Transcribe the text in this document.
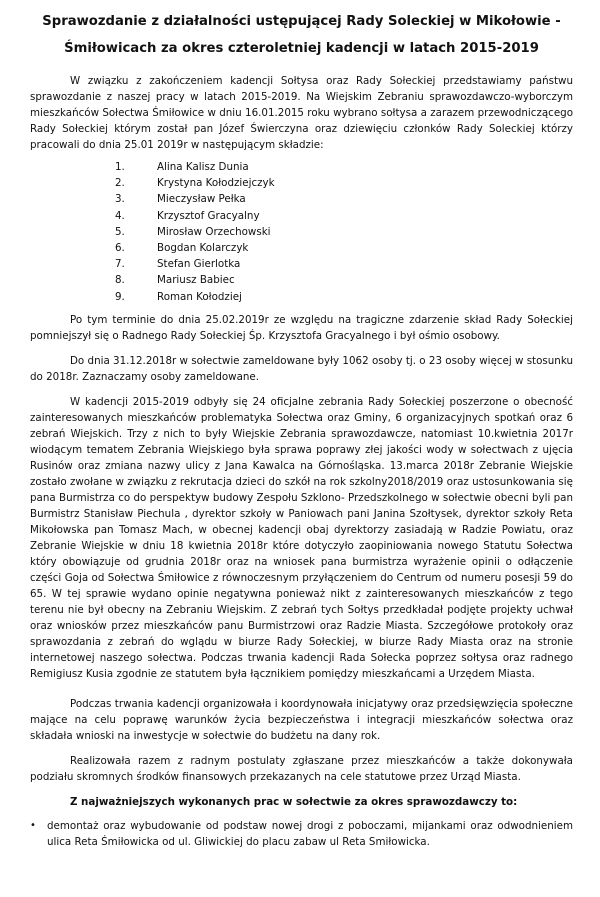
Sprawozdanie z działalności ustępującej Rady Soleckiej w Mikołowie -
Śmiłowicach za okres czteroletniej kadencji w latach 2015-2019

W związku z zakończeniem kadencji Sołtysa oraz Rady Sołeckiej przedstawiamy państwu sprawozdanie z naszej pracy w latach 2015-2019. Na Wiejskim Zebraniu sprawozdawczo-wyborczym mieszkańców Sołectwa Śmiłowice w dniu 16.01.2015 roku wybrano sołtysa a zarazem przewodniczącego Rady Sołeckiej którym został pan Józef Świerczyna oraz dziewięciu członków Rady Soleckiej którzy pracowali do dnia 25.01 2019r w następującym składzie:

1.	Alina Kalisz Dunia
2.	Krystyna Kołodziejczyk
3.	Mieczysław Pełka
4.	Krzysztof Gracyalny
5.	Mirosław Orzechowski
6.	Bogdan Kolarczyk
7.	Stefan Gierlotka
8.	Mariusz Babiec
9.	Roman Kołodziej

Po tym terminie do dnia 25.02.2019r ze względu na tragiczne zdarzenie skład Rady Sołeckiej pomniejszył się o Radnego Rady Sołeckiej Śp. Krzysztofa Gracyalnego i był ośmio osobowy.

Do dnia 31.12.2018r w sołectwie zameldowane były 1062 osoby tj. o 23 osoby więcej w stosunku do 2018r. Zaznaczamy osoby zameldowane.

W kadencji 2015-2019 odbyły się 24 oficjalne zebrania Rady Sołeckiej poszerzone o obecność zainteresowanych mieszkańców problematyka Sołectwa oraz Gminy, 6 organizacyjnych spotkań oraz 6 zebrań Wiejskich. Trzy z nich to były Wiejskie Zebrania sprawozdawcze, natomiast 10.kwietnia 2017r wiodącym tematem Zebrania Wiejskiego była sprawa poprawy złej jakości wody w sołectwach z ujęcia Rusinów oraz zmiana nazwy ulicy z Jana Kawalca na Górnośląska. 13.marca 2018r Zebranie Wiejskie zostało zwołane w związku z rekrutacja dzieci do szkół na rok szkolny2018/2019 oraz ustosunkowania się pana Burmistrza co do perspektyw budowy Zespołu Szklono- Przedszkolnego w sołectwie obecni byli pan Burmistrz Stanisław Piechula , dyrektor szkoły w Paniowach pani Janina Szołtysek, dyrektor szkoły Reta Mikołowska pan Tomasz Mach, w obecnej kadencji obaj dyrektorzy zasiadają w Radzie Powiatu, oraz Zebranie Wiejskie w dniu 18 kwietnia 2018r które dotyczyło zaopiniowania nowego Statutu Sołectwa który obowiązuje od grudnia 2018r oraz na wniosek pana burmistrza wyrażenie opinii o odłączenie części Goja od Sołectwa Śmiłowice z równoczesnym przyłączeniem do Centrum od numeru posesji 59 do 65. W tej sprawie wydano opinie negatywna ponieważ nikt z zainteresowanych mieszkańców z tego terenu nie był obecny na Zebraniu Wiejskim. Z zebrań tych Sołtys przedkładał podjęte projekty uchwał oraz wniosków przez mieszkańców panu Burmistrzowi oraz Radzie Miasta. Szczegółowe protokoły oraz sprawozdania z zebrań do wglądu w biurze Rady Sołeckiej, w biurze Rady Miasta oraz na stronie internetowej naszego sołectwa. Podczas trwania kadencji Rada Sołecka poprzez sołtysa oraz radnego Remigiusz Kusia zgodnie ze statutem była łącznikiem pomiędzy mieszkańcami a Urzędem Miasta.

Podczas trwania kadencji organizowała i koordynowała inicjatywy oraz przedsięwzięcia społeczne mające na celu poprawę warunków życia bezpieczeństwa i integracji mieszkańców sołectwa oraz składała wnioski na inwestycje w sołectwie do budżetu na dany rok.

Realizowała razem z radnym postulaty zgłaszane przez mieszkańców a także dokonywała podziału skromnych środków finansowych przekazanych na cele statutowe przez Urząd Miasta.

Z najważniejszych wykonanych prac w sołectwie za okres sprawozdawczy to:

• demontaż oraz wybudowanie od podstaw nowej drogi z poboczami, mijankami oraz odwodnieniem ulica Reta Śmiłowicka od ul. Gliwickiej do placu zabaw ul Reta Smiłowicka.
